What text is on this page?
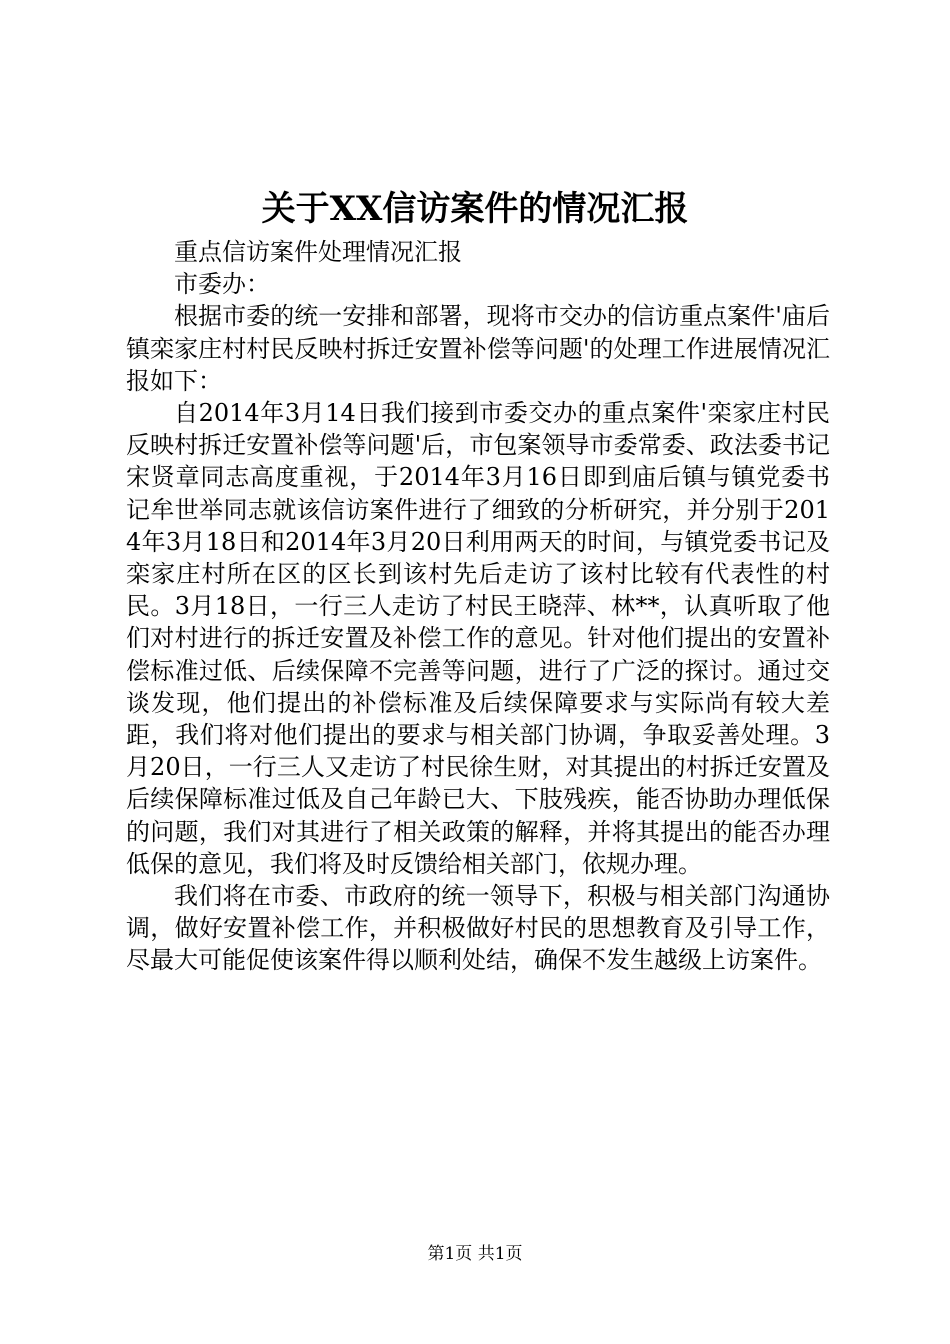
关于XX信访案件的情况汇报

重点信访案件处理情况汇报

市委办：

根据市委的统一安排和部署，现将市交办的信访重点案件'庙后镇栾家庄村村民反映村拆迁安置补偿等问题'的处理工作进展情况汇报如下：

自2014年3月14日我们接到市委交办的重点案件'栾家庄村民反映村拆迁安置补偿等问题'后，市包案领导市委常委、政法委书记宋贤章同志高度重视，于2014年3月16日即到庙后镇与镇党委书记牟世举同志就该信访案件进行了细致的分析研究，并分别于2014年3月18日和2014年3月20日利用两天的时间，与镇党委书记及栾家庄村所在区的区长到该村先后走访了该村比较有代表性的村民。3月18日，一行三人走访了村民王晓萍、林**，认真听取了他们对村进行的拆迁安置及补偿工作的意见。针对他们提出的安置补偿标准过低、后续保障不完善等问题，进行了广泛的探讨。通过交谈发现，他们提出的补偿标准及后续保障要求与实际尚有较大差距，我们将对他们提出的要求与相关部门协调，争取妥善处理。3月20日，一行三人又走访了村民徐生财，对其提出的村拆迁安置及后续保障标准过低及自己年龄已大、下肢残疾，能否协助办理低保的问题，我们对其进行了相关政策的解释，并将其提出的能否办理低保的意见，我们将及时反馈给相关部门，依规办理。

我们将在市委、市政府的统一领导下，积极与相关部门沟通协调，做好安置补偿工作，并积极做好村民的思想教育及引导工作，尽最大可能促使该案件得以顺利处结，确保不发生越级上访案件。

第1页 共1页
